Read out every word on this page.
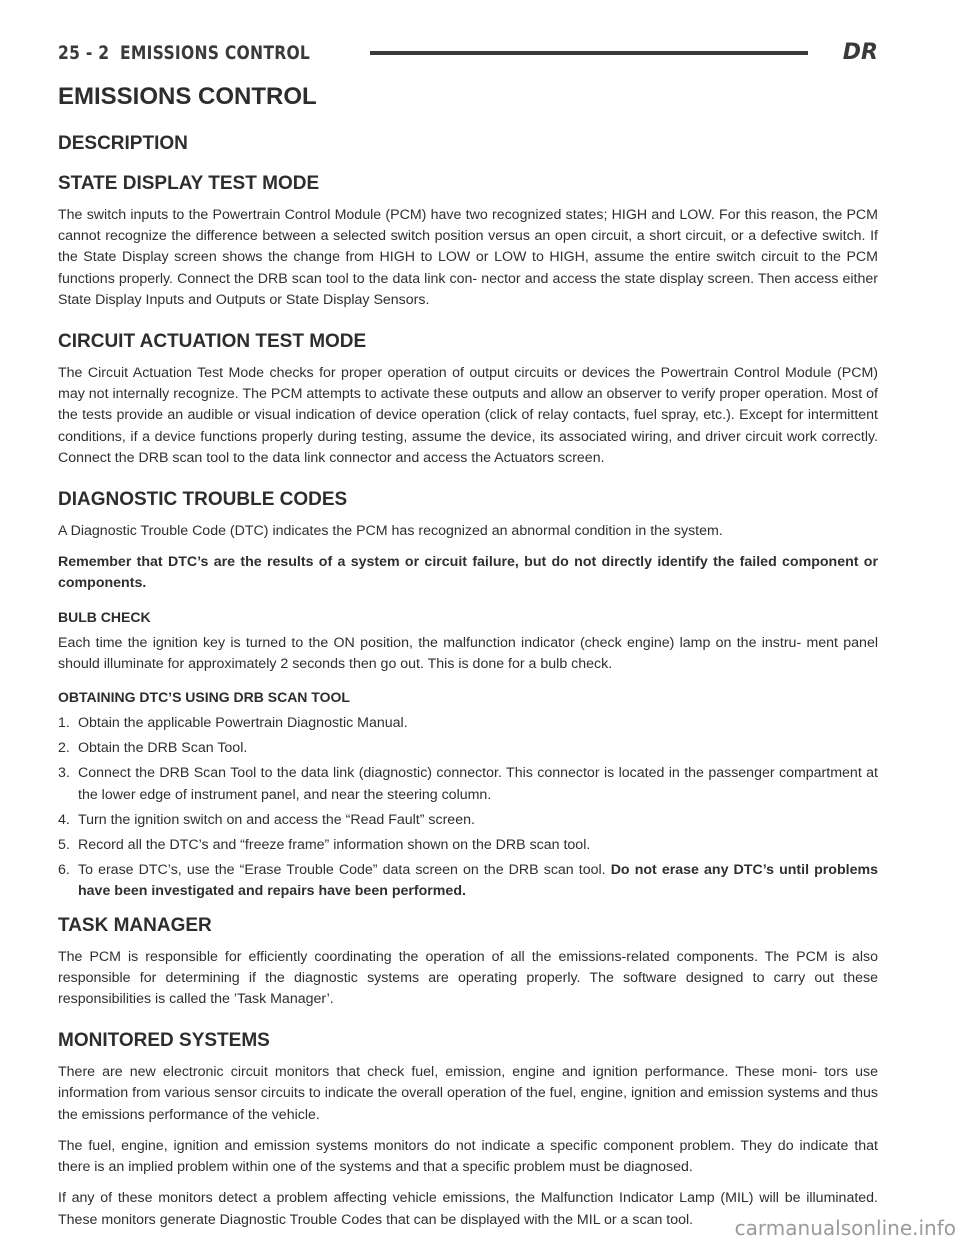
25 - 2 EMISSIONS CONTROL	DR
EMISSIONS CONTROL
DESCRIPTION
STATE DISPLAY TEST MODE

The switch inputs to the Powertrain Control Module (PCM) have two recognized states; HIGH and LOW. For this reason, the PCM cannot recognize the difference between a selected switch position versus an open circuit, a short circuit, or a defective switch. If the State Display screen shows the change from HIGH to LOW or LOW to HIGH, assume the entire switch circuit to the PCM functions properly. Connect the DRB scan tool to the data link con- nector and access the state display screen. Then access either State Display Inputs and Outputs or State Display Sensors.

CIRCUIT ACTUATION TEST MODE

The Circuit Actuation Test Mode checks for proper operation of output circuits or devices the Powertrain Control Module (PCM) may not internally recognize. The PCM attempts to activate these outputs and allow an observer to verify proper operation. Most of the tests provide an audible or visual indication of device operation (click of relay contacts, fuel spray, etc.). Except for intermittent conditions, if a device functions properly during testing, assume the device, its associated wiring, and driver circuit work correctly. Connect the DRB scan tool to the data link connector and access the Actuators screen.

DIAGNOSTIC TROUBLE CODES

A Diagnostic Trouble Code (DTC) indicates the PCM has recognized an abnormal condition in the system.

Remember that DTC’s are the results of a system or circuit failure, but do not directly identify the failed component or components.

BULB CHECK

Each time the ignition key is turned to the ON position, the malfunction indicator (check engine) lamp on the instru- ment panel should illuminate for approximately 2 seconds then go out. This is done for a bulb check.

OBTAINING DTC’S USING DRB SCAN TOOL
1. Obtain the applicable Powertrain Diagnostic Manual.
2. Obtain the DRB Scan Tool.
3. Connect the DRB Scan Tool to the data link (diagnostic) connector. This connector is located in the passenger compartment at the lower edge of instrument panel, and near the steering column.
4. Turn the ignition switch on and access the “Read Fault” screen.
5. Record all the DTC’s and “freeze frame” information shown on the DRB scan tool.
6. To erase DTC’s, use the “Erase Trouble Code” data screen on the DRB scan tool. Do not erase any DTC’s until problems have been investigated and repairs have been performed.
TASK MANAGER

The PCM is responsible for efficiently coordinating the operation of all the emissions-related components. The PCM is also responsible for determining if the diagnostic systems are operating properly. The software designed to carry out these responsibilities is called the ’Task Manager’.

MONITORED SYSTEMS

There are new electronic circuit monitors that check fuel, emission, engine and ignition performance. These moni- tors use information from various sensor circuits to indicate the overall operation of the fuel, engine, ignition and emission systems and thus the emissions performance of the vehicle.

The fuel, engine, ignition and emission systems monitors do not indicate a specific component problem. They do indicate that there is an implied problem within one of the systems and that a specific problem must be diagnosed.

If any of these monitors detect a problem affecting vehicle emissions, the Malfunction Indicator Lamp (MIL) will be illuminated. These monitors generate Diagnostic Trouble Codes that can be displayed with the MIL or a scan tool.	carmanualsonline.info
